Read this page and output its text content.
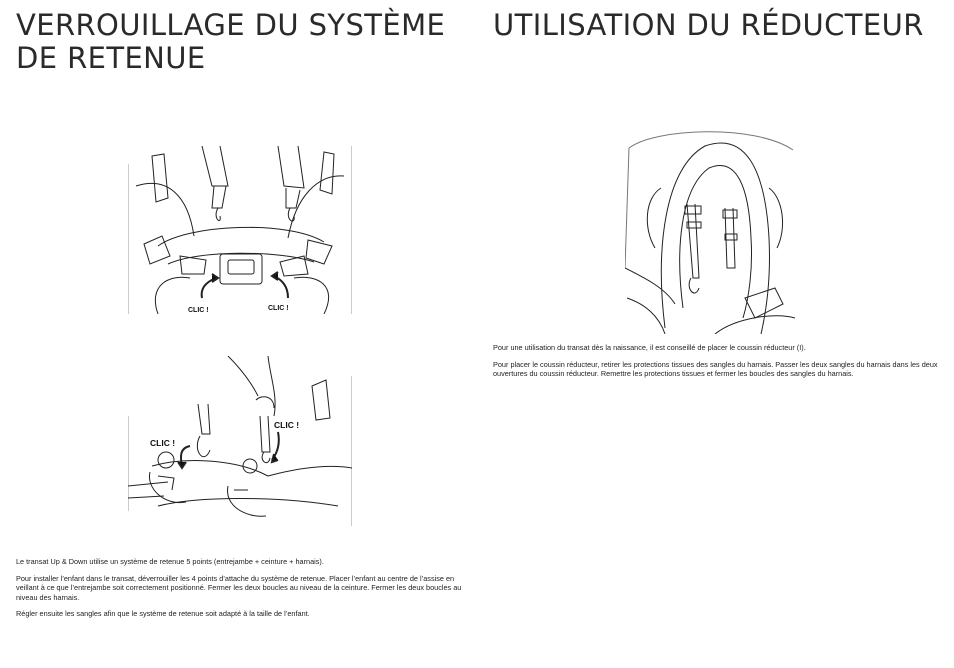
VERROUILLAGE DU SYSTÈME
DE RETENUE
UTILISATION DU RÉDUCTEUR
CLIC !	CLIC !
CLIC !
CLIC !

Le transat Up & Down utilise un système de retenue 5 points (entrejambe + ceinture + harnais).

Pour installer l’enfant dans le transat, déverrouiller les 4 points d’attache du système de retenue. Placer l’enfant au centre de l’assise en veillant à ce que l’entrejambe soit correctement positionné. Fermer les deux boucles au niveau de la ceinture. Fermer les deux boucles au niveau des harnais.

Régler ensuite les sangles afin que le système de retenue soit adapté à la taille de l’enfant.

Pour une utilisation du transat dès la naissance, il est conseillé de placer le coussin réducteur (I).

Pour placer le coussin réducteur, retirer les protections tissues des sangles du harnais. Passer les deux sangles du harnais dans les deux ouvertures du coussin réducteur. Remettre les protections tissues et fermer les boucles des sangles du harnais.
